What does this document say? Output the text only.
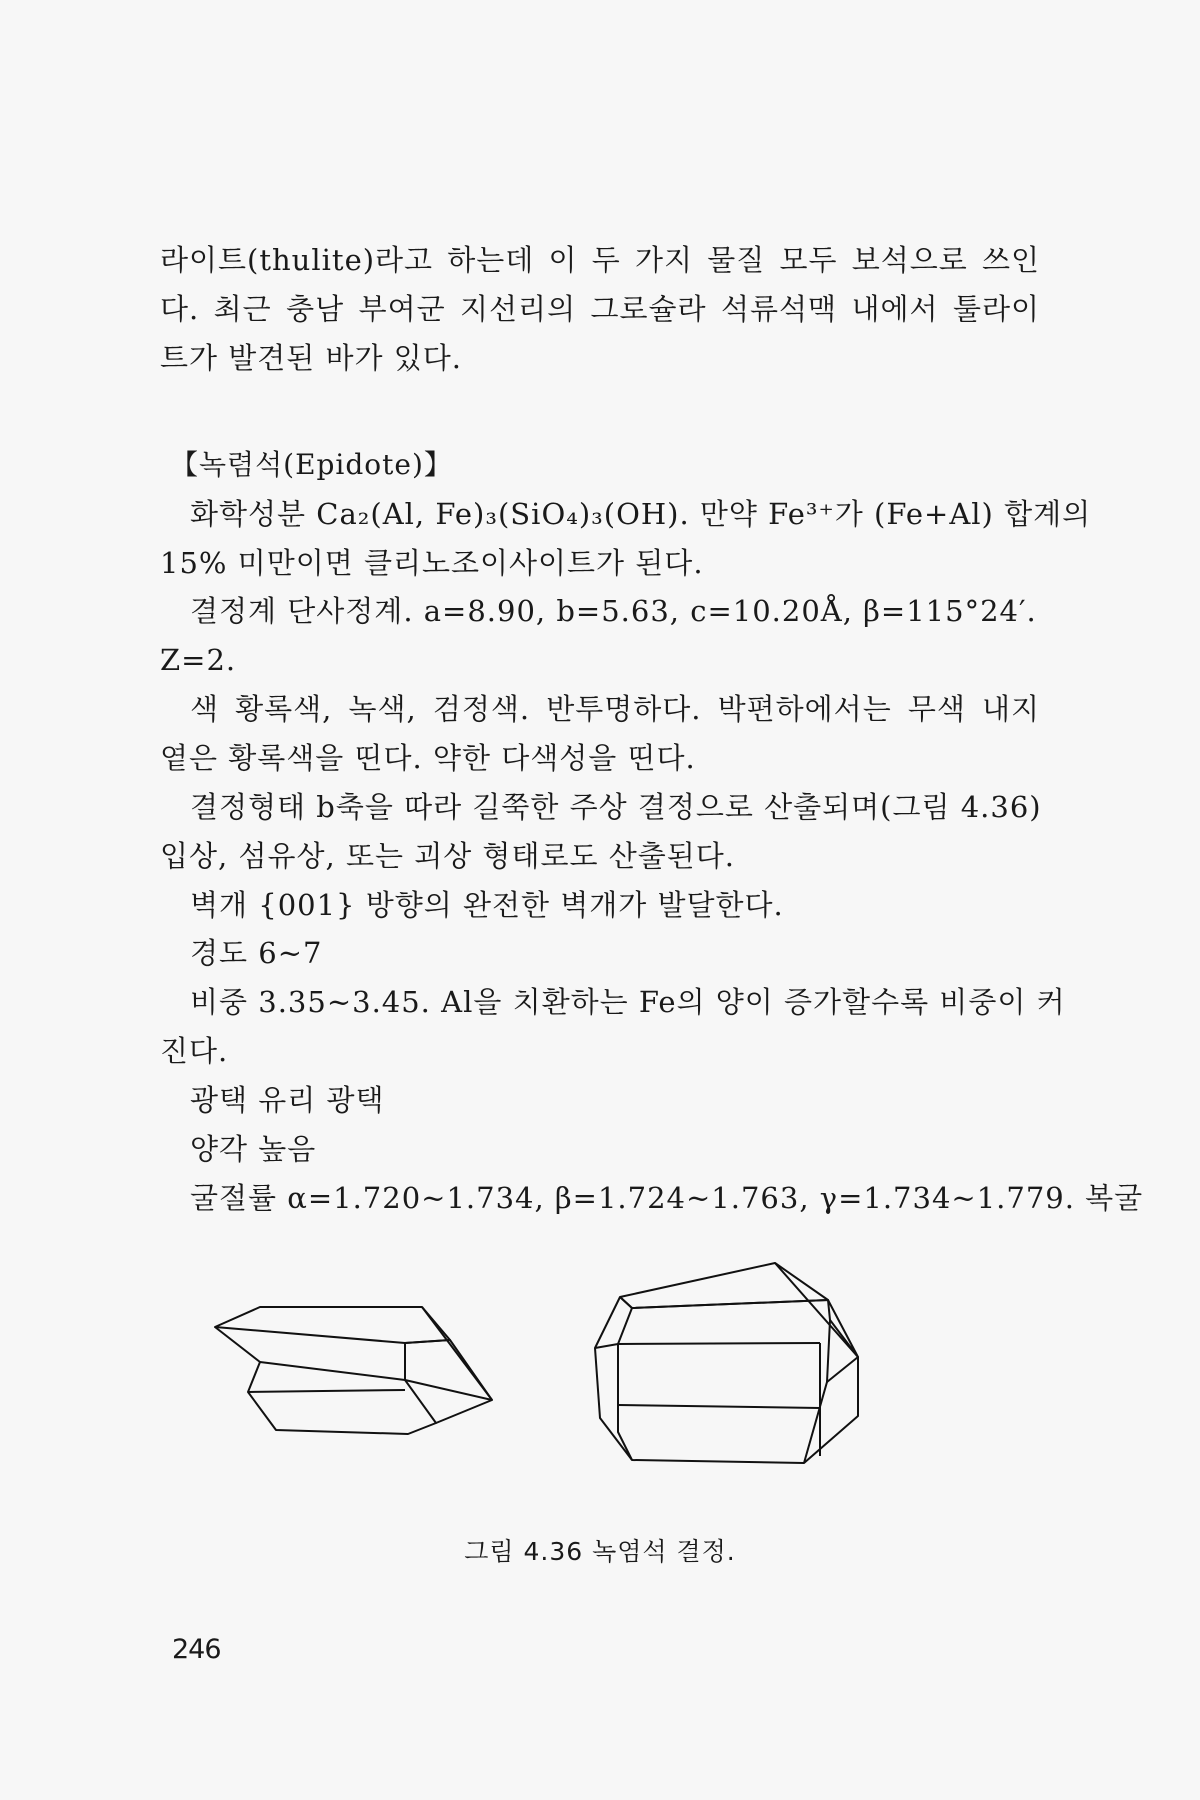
라이트(thulite)라고 하는데 이 두 가지 물질 모두 보석으로 쓰인
다. 최근 충남 부여군 지선리의 그로슐라 석류석맥 내에서 툴라이
트가 발견된 바가 있다.
【녹렴석(Epidote)】
화학성분 Ca₂(Al, Fe)₃(SiO₄)₃(OH). 만약 Fe³⁺가 (Fe+Al) 합계의
15% 미만이면 클리노조이사이트가 된다.
결정계 단사정계. a=8.90, b=5.63, c=10.20Å, β=115°24′.
Z=2.
색 황록색, 녹색, 검정색. 반투명하다. 박편하에서는 무색 내지
옅은 황록색을 띤다. 약한 다색성을 띤다.
결정형태 b축을 따라 길쭉한 주상 결정으로 산출되며(그림 4.36)
입상, 섬유상, 또는 괴상 형태로도 산출된다.
벽개 {001} 방향의 완전한 벽개가 발달한다.
경도 6~7
비중 3.35~3.45. Al을 치환하는 Fe의 양이 증가할수록 비중이 커
진다.
광택 유리 광택
양각 높음
굴절률 α=1.720~1.734, β=1.724~1.763, γ=1.734~1.779. 복굴
그림 4.36 녹염석 결정.
246
